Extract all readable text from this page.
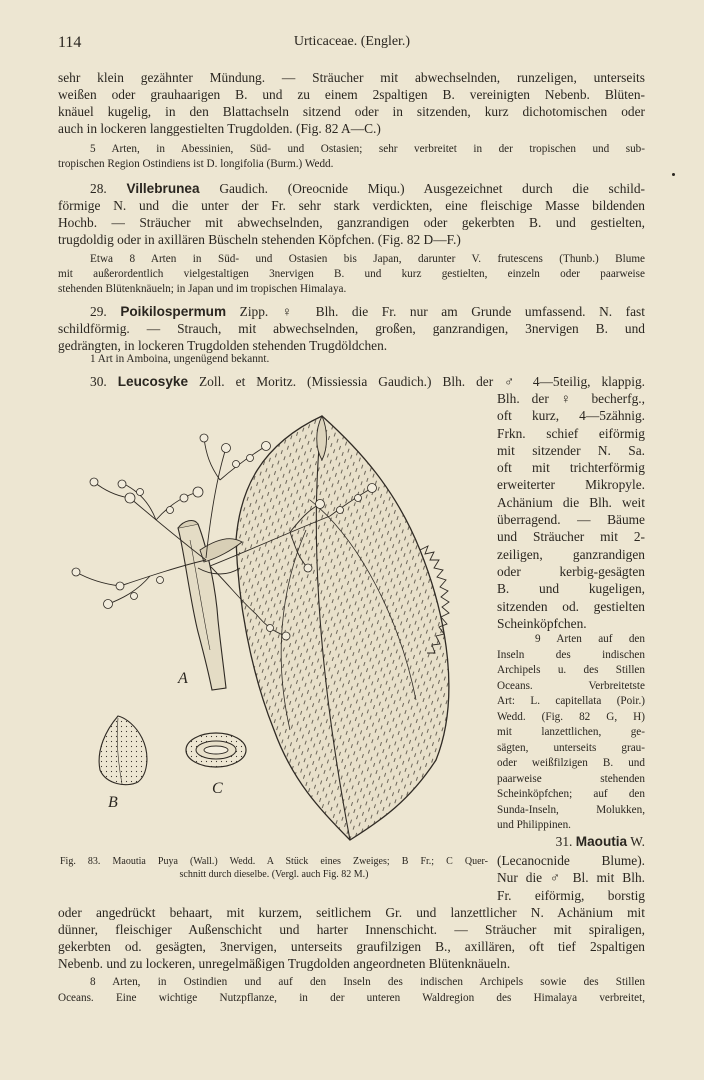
114	Urticaceae. (Engler.)
sehr klein gezähnter Mündung. — Sträucher mit abwechselnden, runzeligen, unterseits
weißen oder grauhaarigen B. und zu einem 2spaltigen B. vereinigten Nebenb. Blüten-
knäuel kugelig, in den Blattachseln sitzend oder in sitzenden, kurz dichotomischen oder
auch in lockeren langgestielten Trugdolden. (Fig. 82 A—C.)
5 Arten, in Abessinien, Süd- und Ostasien; sehr verbreitet in der tropischen und sub-
tropischen Region Ostindiens ist D. longifolia (Burm.) Wedd.
28. Villebrunea Gaudich. (Oreocnide Miqu.) Ausgezeichnet durch die schild-
förmige N. und die unter der Fr. sehr stark verdickten, eine fleischige Masse bildenden
Hochb. — Sträucher mit abwechselnden, ganzrandigen oder gekerbten B. und gestielten,
trugdoldig oder in axillären Büscheln stehenden Köpfchen. (Fig. 82 D—F.)
Etwa 8 Arten in Süd- und Ostasien bis Japan, darunter V. frutescens (Thunb.) Blume
mit außerordentlich vielgestaltigen 3nervigen B. und kurz gestielten, einzeln oder paarweise
stehenden Blütenknäueln; in Japan und im tropischen Himalaya.
29. Poikilospermum Zipp. ♀ Blh. die Fr. nur am Grunde umfassend. N. fast
schildförmig. — Strauch, mit abwechselnden, großen, ganzrandigen, 3nervigen B. und
gedrängten, in lockeren Trugdolden stehenden Trugdöldchen.
1 Art in Amboina, ungenügend bekannt.
30. Leucosyke Zoll. et Moritz. (Missiessia Gaudich.) Blh. der ♂ 4—5teilig, klappig.
Blh. der ♀ becherfg.,
oft kurz, 4—5zähnig.
Frkn. schief eiförmig
mit sitzender N. Sa.
oft mit trichterförmig
erweiterter Mikropyle.
Achänium die Blh. weit
überragend. — Bäume
und Sträucher mit 2-
zeiligen, ganzrandigen
oder kerbig-gesägten
B. und kugeligen,
sitzenden od. gestielten
Scheinköpfchen.
9 Arten auf den
Inseln des indischen
Archipels u. des Stillen
Oceans. Verbreitetste
Art: L. capitellata (Poir.)
Wedd. (Fig. 82 G, H)
mit lanzettlichen, ge-
sägten, unterseits grau-
oder weißfilzigen B. und
paarweise stehenden
Scheinköpfchen; auf den
Sunda-Inseln, Molukken,
und Philippinen.
31. Maoutia W.
(Lecanocnide Blume).
Nur die ♂ Bl. mit Blh.
Fr. eiförmig, borstig
oder angedrückt behaart, mit kurzem, seitlichem Gr. und lanzettlicher N. Achänium mit
dünner, fleischiger Außenschicht und harter Innenschicht. — Sträucher mit spiraligen,
gekerbten od. gesägten, 3nervigen, unterseits graufilzigen B., axillären, oft tief 2spaltigen
Nebenb. und zu lockeren, unregelmäßigen Trugdolden angeordneten Blütenknäueln.
8 Arten, in Ostindien und auf den Inseln des indischen Archipels sowie des Stillen
Oceans. Eine wichtige Nutzpflanze, in der unteren Waldregion des Himalaya verbreitet,
A
B
C
Fig. 83. Maoutia Puya (Wall.) Wedd. A Stück eines Zweiges; B Fr.; C Quer-
schnitt durch dieselbe. (Vergl. auch Fig. 82 M.)
